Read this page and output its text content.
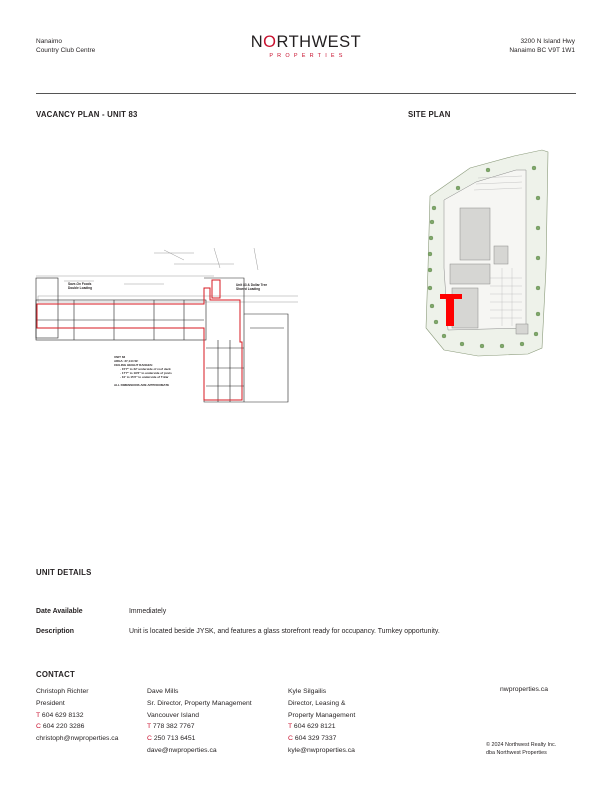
Nanaimo
Country Club Centre	NORTHWEST
PROPERTIES
3200 N Island Hwy
Nanaimo BC V9T 1W1
VACANCY PLAN - UNIT 83	SITE PLAN
Save-On Foods
Double Loading
Unit 83 & Dollar Tree
Shared Loading
UNIT 83
AREA: 37,144 SF
CEILING HEIGHT RANGES:
- 15'7" to 22' underside of roof deck
- 17'7" to 19'6" to underside of joists
- 10' to 15'2" to underside of T-Bar
ALL DIMENSIONS ARE APPROXIMATE
UNIT DETAILS
Date Available	Immediately
Description	Unit is located beside JYSK, and features a glass storefront ready for occupancy. Turnkey opportunity.
CONTACT
Christoph Richter
President
T 604 629 8132
C 604 220 3286
christoph@nwproperties.ca
Dave Mills
Sr. Director, Property Management
Vancouver Island
T 778 382 7767
C 250 713 6451
dave@nwproperties.ca
Kyle Silgailis
Director, Leasing &
Property Management
T 604 629 8121
C 604 329 7337
kyle@nwproperties.ca
nwproperties.ca
© 2024 Northwest Realty Inc.
dba Northwest Properties
